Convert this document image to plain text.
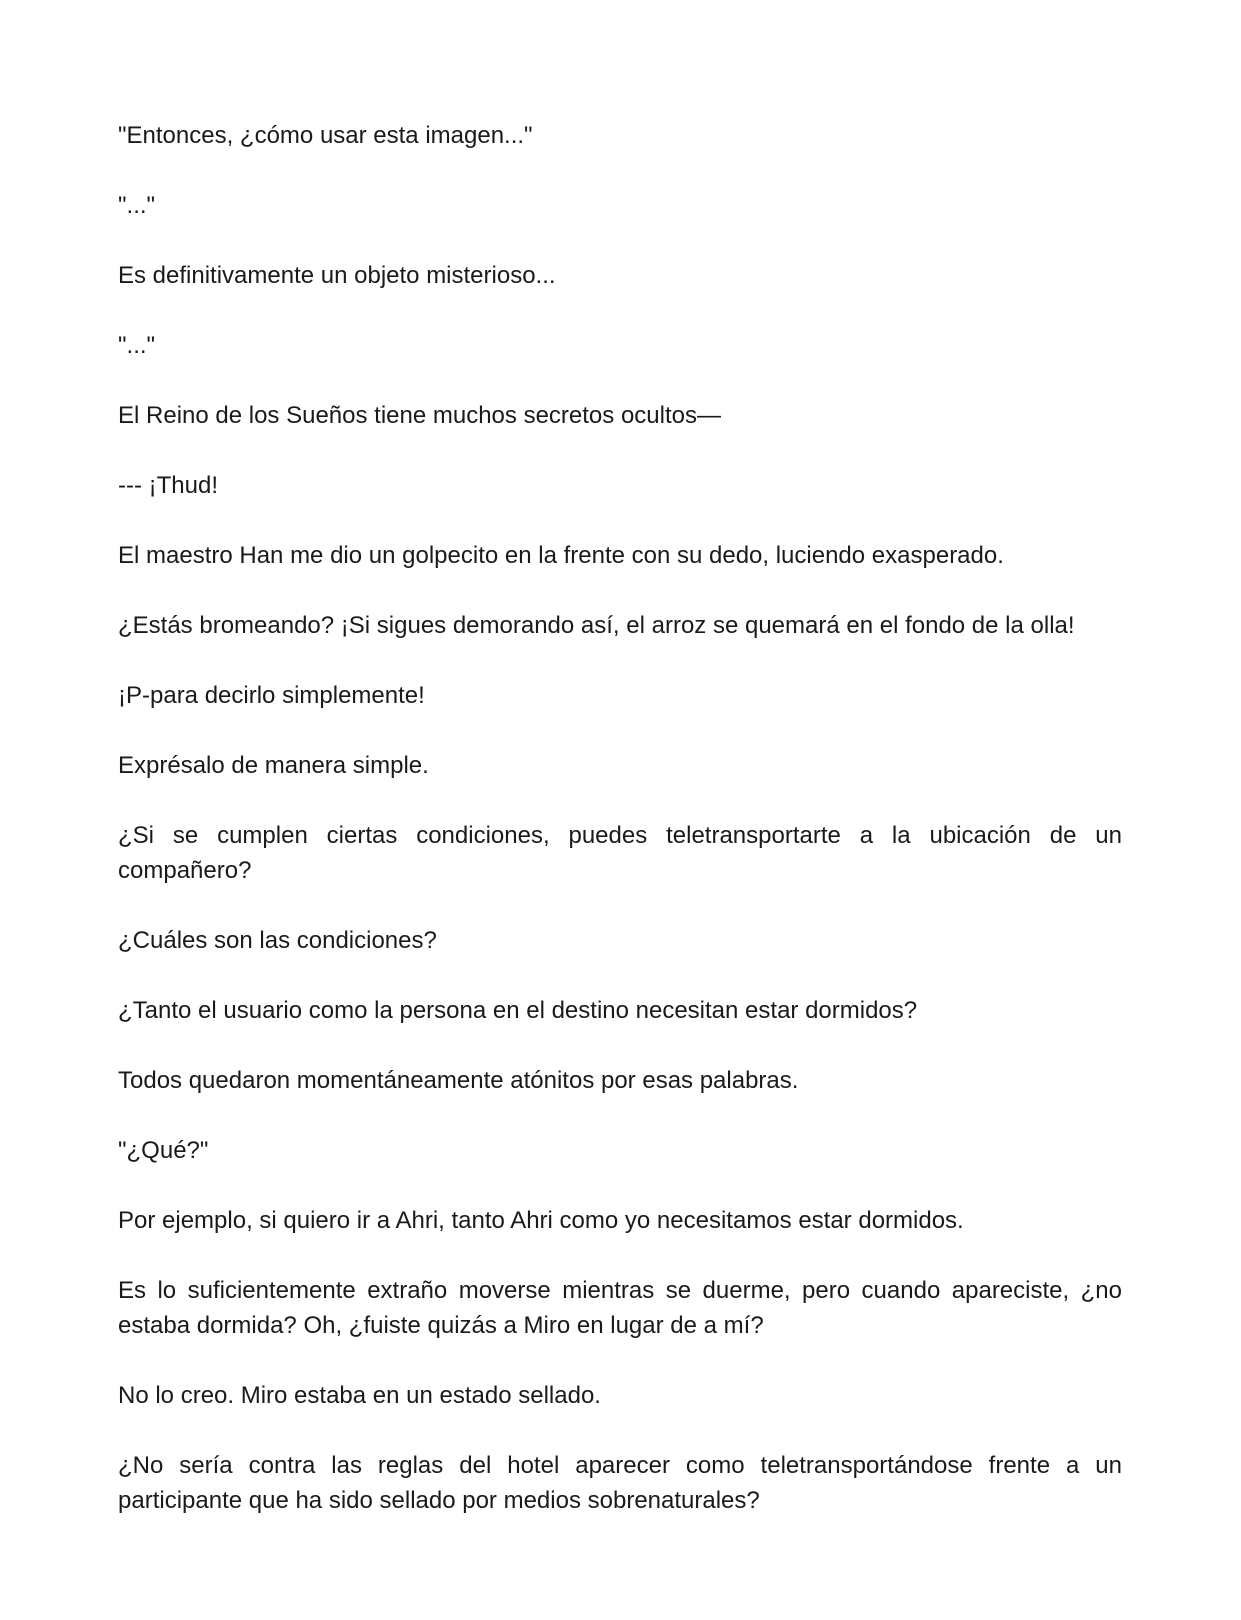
"Entonces, ¿cómo usar esta imagen..."

"..."

Es definitivamente un objeto misterioso...

"..."

El Reino de los Sueños tiene muchos secretos ocultos—

--- ¡Thud!

El maestro Han me dio un golpecito en la frente con su dedo, luciendo exasperado.

¿Estás bromeando? ¡Si sigues demorando así, el arroz se quemará en el fondo de la olla!

¡P-para decirlo simplemente!

Exprésalo de manera simple.

¿Si se cumplen ciertas condiciones, puedes teletransportarte a la ubicación de un compañero?

¿Cuáles son las condiciones?

¿Tanto el usuario como la persona en el destino necesitan estar dormidos?

Todos quedaron momentáneamente atónitos por esas palabras.

"¿Qué?"

Por ejemplo, si quiero ir a Ahri, tanto Ahri como yo necesitamos estar dormidos.

Es lo suficientemente extraño moverse mientras se duerme, pero cuando apareciste, ¿no estaba dormida? Oh, ¿fuiste quizás a Miro en lugar de a mí?

No lo creo. Miro estaba en un estado sellado.

¿No sería contra las reglas del hotel aparecer como teletransportándose frente a un participante que ha sido sellado por medios sobrenaturales?
